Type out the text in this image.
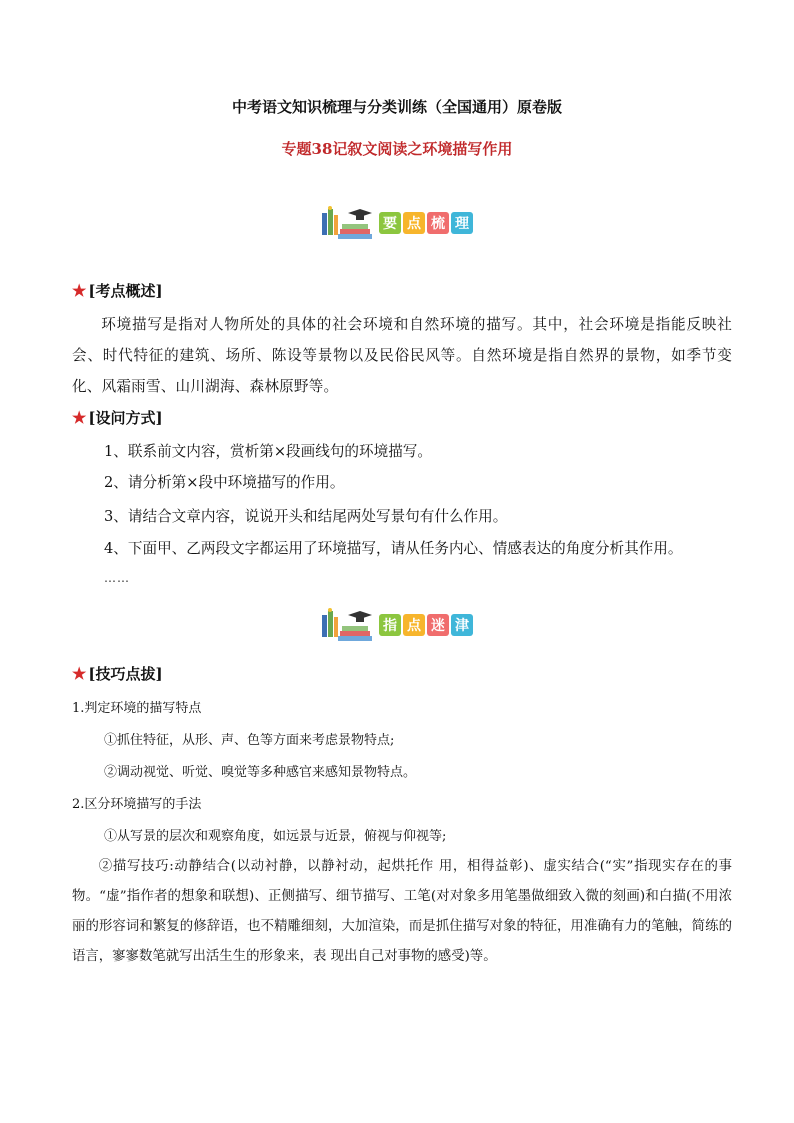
中考语文知识梳理与分类训练（全国通用）原卷版
专题38记叙文阅读之环境描写作用
要 点 梳 理
★ [考点概述]
环境描写是指对人物所处的具体的社会环境和自然环境的描写。其中，社会环境是指能反映社会、时代特征的建筑、场所、陈设等景物以及民俗民风等。自然环境是指自然界的景物，如季节变化、风霜雨雪、山川湖海、森林原野等。
★ [设问方式]
1、联系前文内容，赏析第×段画线句的环境描写。
2、请分析第×段中环境描写的作用。
3、请结合文章内容，说说开头和结尾两处写景句有什么作用。
4、下面甲、乙两段文字都运用了环境描写，请从任务内心、情感表达的角度分析其作用。
……
指 点 迷 津
★ [技巧点拔]
1.判定环境的描写特点
①抓住特征，从形、声、色等方面来考虑景物特点;
②调动视觉、听觉、嗅觉等多种感官来感知景物特点。
2.区分环境描写的手法
①从写景的层次和观察角度，如远景与近景，俯视与仰视等;
②描写技巧:动静结合(以动衬静，以静衬动，起烘托作 用，相得益彰)、虚实结合(“实”指现实存在的事物。“虚”指作者的想象和联想)、正侧描写、细节描写、工笔(对对象多用笔墨做细致入微的刻画)和白描(不用浓丽的形容词和繁复的修辞语，也不精雕细刻，大加渲染，而是抓住描写对象的特征，用准确有力的笔触，简练的语言，寥寥数笔就写出活生生的形象来，表 现出自己对事物的感受)等。
